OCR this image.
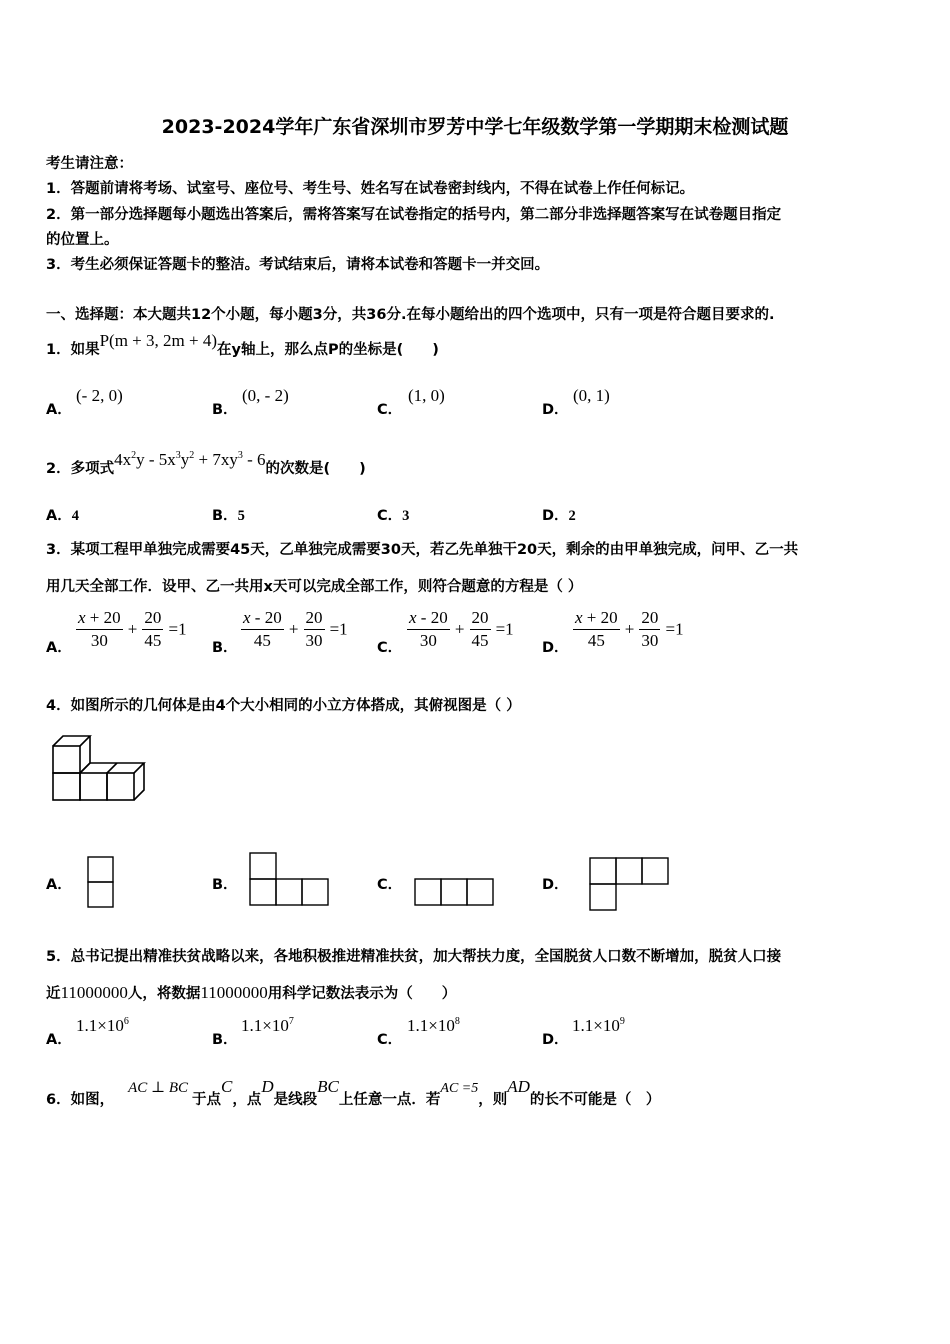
2023-2024学年广东省深圳市罗芳中学七年级数学第一学期期末检测试题
考生请注意：
1．答题前请将考场、试室号、座位号、考生号、姓名写在试卷密封线内，不得在试卷上作任何标记。
2．第一部分选择题每小题选出答案后，需将答案写在试卷指定的括号内，第二部分非选择题答案写在试卷题目指定
的位置上。
3．考生必须保证答题卡的整洁。考试结束后，请将本试卷和答题卡一并交回。
一、选择题：本大题共12个小题，每小题3分，共36分.在每小题给出的四个选项中，只有一项是符合题目要求的.
1．如果P(m + 3, 2m + 4)在y轴上，那么点P的坐标是(　　)
A．
(- 2, 0)
B．
(0, - 2)
C．
(1, 0)
D．
(0, 1)
2．多项式$4x^2y - 5x^3y^2 + 7xy^3 - 6$的次数是(　　)
A．4	B．5	C．3	D．2
3．某项工程甲单独完成需要45天，乙单独完成需要30天，若乙先单独干20天，剩余的由甲单独完成，问甲、乙一共
用几天全部工作．设甲、乙一共用x天可以完成全部工作，则符合题意的方程是（ ）
A． $\frac{x + 20}{30} + \frac{20}{45} =1$
B． $\frac{x - 20}{45} + \frac{20}{30} =1$
C． $\frac{x - 20}{30} + \frac{20}{45} =1$
D． $\frac{x + 20}{45} + \frac{20}{30} =1$
4．如图所示的几何体是由4个大小相同的小立方体搭成，其俯视图是（ ）
A．	B．	C．	D．
5．总书记提出精准扶贫战略以来，各地积极推进精准扶贫，加大帮扶力度，全国脱贫人口数不断增加，脱贫人口接
近11000000人，将数据11000000用科学记数法表示为（　　）
A．
$1.1\times 10^6$
B．
$1.1\times 10^7$
C．
$1.1\times 10^8$
D．
$1.1\times 10^9$
6．如图，AC ⊥ BC于点C，点D是线段BC上任意一点．若AC =5，则AD的长不可能是（　）
